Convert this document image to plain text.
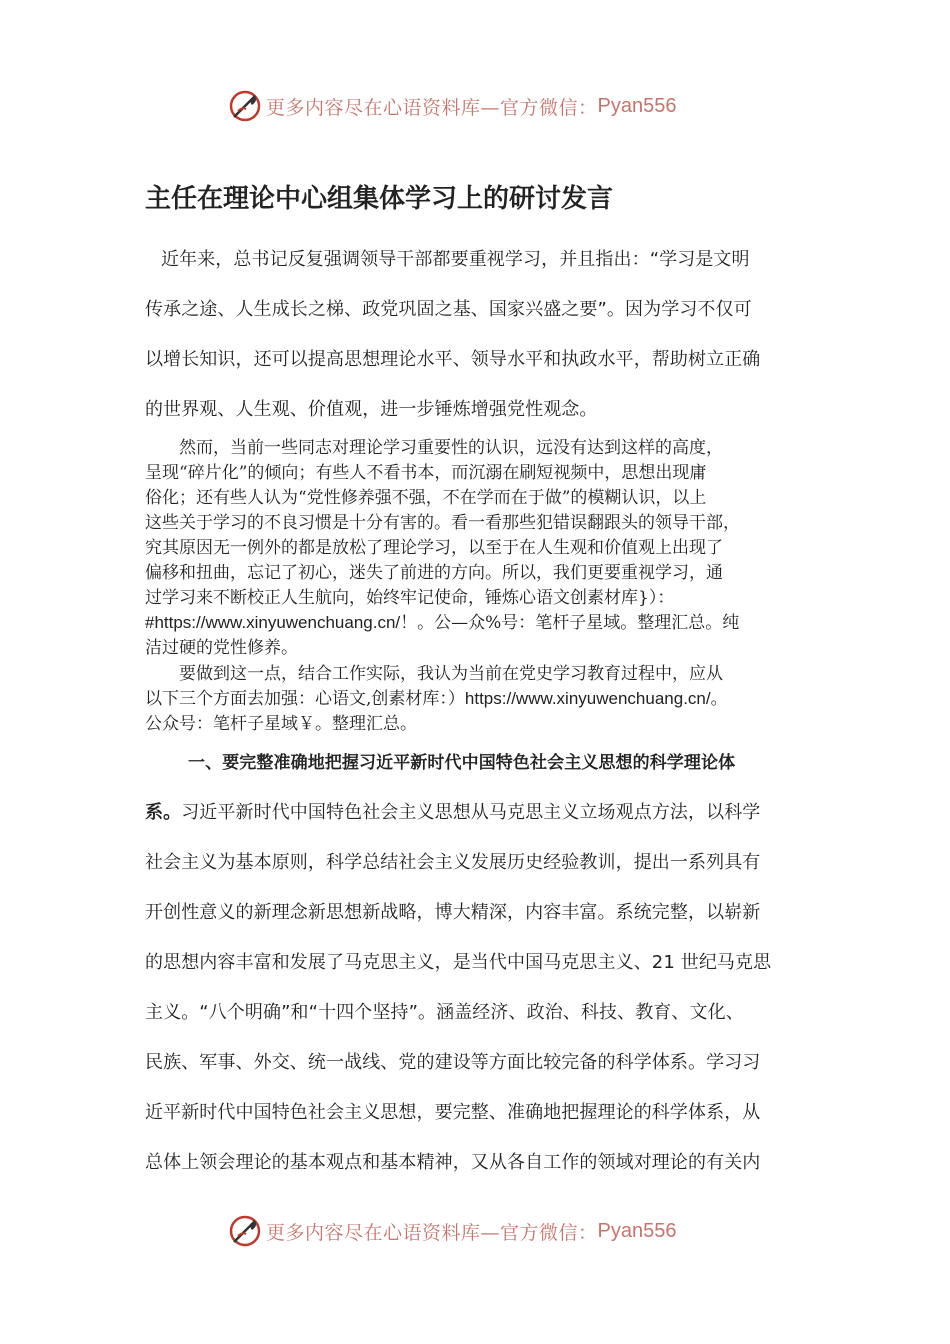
更多内容尽在心语资料库—官方微信： Pyan556
主任在理论中心组集体学习上的研讨发言

近年来，总书记反复强调领导干部都要重视学习，并且指出：“学习是文明

传承之途、人生成长之梯、政党巩固之基、国家兴盛之要”。因为学习不仅可

以增长知识，还可以提高思想理论水平、领导水平和执政水平，帮助树立正确

的世界观、人生观、价值观，进一步锤炼增强党性观念。

然而，当前一些同志对理论学习重要性的认识，远没有达到这样的高度，

呈现“碎片化”的倾向；有些人不看书本，而沉溺在刷短视频中，思想出现庸

俗化；还有些人认为“党性修养强不强，不在学而在于做”的模糊认识，以上

这些关于学习的不良习惯是十分有害的。看一看那些犯错误翻跟头的领导干部，

究其原因无一例外的都是放松了理论学习，以至于在人生观和价值观上出现了

偏移和扭曲，忘记了初心，迷失了前进的方向。所以，我们更要重视学习，通

过学习来不断校正人生航向，始终牢记使命，锤炼心语文创素材库}）：

#https://www.xinyuwenchuang.cn/！。公—众%号：笔杆子星域。整理汇总。纯

洁过硬的党性修养。

要做到这一点，结合工作实际，我认为当前在党史学习教育过程中，应从

以下三个方面去加强：心语文,创素材库：）https://www.xinyuwenchuang.cn/。

公众号：笔杆子星域￥。整理汇总。

一、要完整准确地把握习近平新时代中国特色社会主义思想的科学理论体

系。习近平新时代中国特色社会主义思想从马克思主义立场观点方法，以科学

社会主义为基本原则，科学总结社会主义发展历史经验教训，提出一系列具有

开创性意义的新理念新思想新战略，博大精深，内容丰富。系统完整，以崭新

的思想内容丰富和发展了马克思主义，是当代中国马克思主义、21 世纪马克思

主义。“八个明确”和“十四个坚持”。涵盖经济、政治、科技、教育、文化、

民族、军事、外交、统一战线、党的建设等方面比较完备的科学体系。学习习

近平新时代中国特色社会主义思想，要完整、准确地把握理论的科学体系，从

总体上领会理论的基本观点和基本精神，又从各自工作的领域对理论的有关内

更多内容尽在心语资料库—官方微信： Pyan556
